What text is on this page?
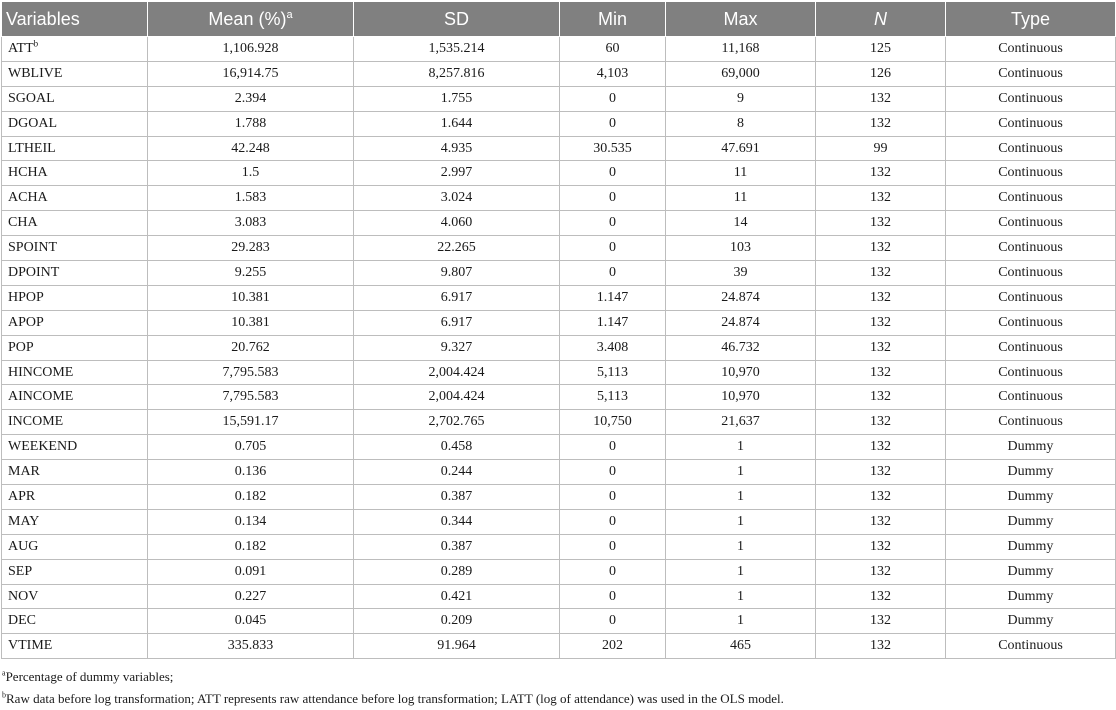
Variables	Mean (%)$^a$	SD	Min	Max	N	Type
ATT$^b$	1,106.928	1,535.214	60	11,168	125	Continuous
WBLIVE	16,914.75	8,257.816	4,103	69,000	126	Continuous
SGOAL	2.394	1.755	0	9	132	Continuous
DGOAL	1.788	1.644	0	8	132	Continuous
LTHEIL	42.248	4.935	30.535	47.691	99	Continuous
HCHA	1.5	2.997	0	11	132	Continuous
ACHA	1.583	3.024	0	11	132	Continuous
CHA	3.083	4.060	0	14	132	Continuous
SPOINT	29.283	22.265	0	103	132	Continuous
DPOINT	9.255	9.807	0	39	132	Continuous
HPOP	10.381	6.917	1.147	24.874	132	Continuous
APOP	10.381	6.917	1.147	24.874	132	Continuous
POP	20.762	9.327	3.408	46.732	132	Continuous
HINCOME	7,795.583	2,004.424	5,113	10,970	132	Continuous
AINCOME	7,795.583	2,004.424	5,113	10,970	132	Continuous
INCOME	15,591.17	2,702.765	10,750	21,637	132	Continuous
WEEKEND	0.705	0.458	0	1	132	Dummy
MAR	0.136	0.244	0	1	132	Dummy
APR	0.182	0.387	0	1	132	Dummy
MAY	0.134	0.344	0	1	132	Dummy
AUG	0.182	0.387	0	1	132	Dummy
SEP	0.091	0.289	0	1	132	Dummy
NOV	0.227	0.421	0	1	132	Dummy
DEC	0.045	0.209	0	1	132	Dummy
VTIME	335.833	91.964	202	465	132	Continuous

$^a$Percentage of dummy variables;

$^b$Raw data before log transformation; ATT represents raw attendance before log transformation; LATT (log of attendance) was used in the OLS model.
